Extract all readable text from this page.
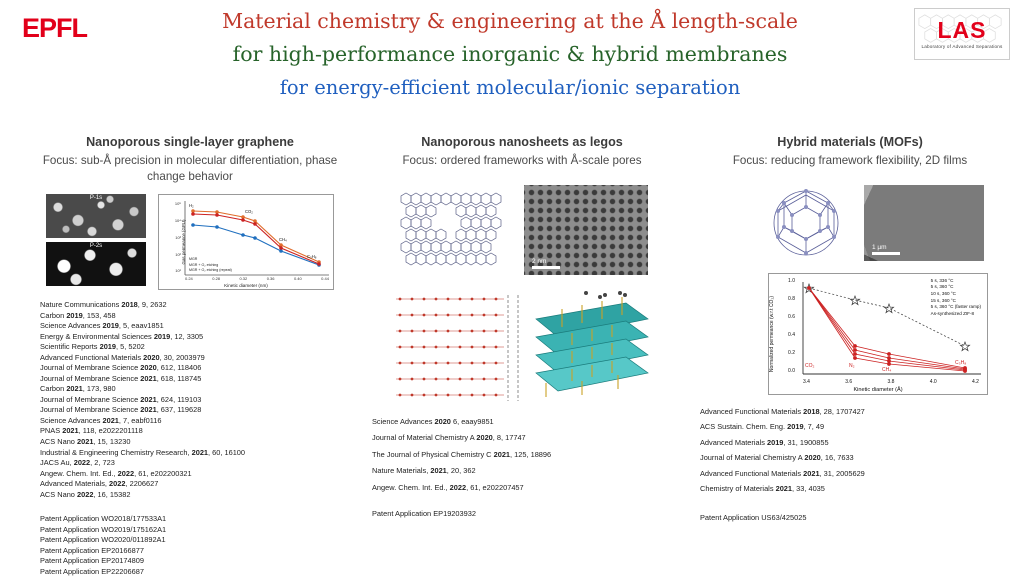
EPFL	LAS
Laboratory of Advanced Separations
Material chemistry & engineering at the Å length-scale
for high-performance inorganic & hybrid membranes
for energy-efficient molecular/ionic separation
Nanoporous single-layer graphene
Focus: sub-Å precision in molecular differentiation, phase change behavior
P-1s
P-2s
H₂
CO₂
CH₄
C₃H₈
10⁵
10⁴
10³
10²
10¹
0.24	0.28	0.32	0.36	0.40	0.44
MGR
MGR + O₂ etching
MGR + O₂ etching (repeat)
Gas permeance (GPU)
Kinetic diameter (nm)
Nature Communications 2018, 9, 2632
Carbon 2019, 153, 458
Science Advances 2019, 5, eaav1851
Energy & Environmental Sciences 2019, 12, 3305
Scientific Reports 2019, 5, 5202
Advanced Functional Materials 2020, 30, 2003979
Journal of Membrane Science 2020, 612, 118406
Journal of Membrane Science 2021, 618, 118745
Carbon 2021, 173, 980
Journal of Membrane Science 2021, 624, 119103
Journal of Membrane Science 2021, 637, 119628
Science Advances 2021, 7, eabf0116
PNAS 2021, 118, e2022201118
ACS Nano 2021, 15, 13230
Industrial & Engineering Chemistry Research, 2021, 60, 16100
JACS Au, 2022, 2, 723
Angew. Chem. Int. Ed., 2022, 61, e202200321
Advanced Materials, 2022, 2206627
ACS Nano 2022, 16, 15382
Patent Application WO2018/177533A1
Patent Application WO2019/175162A1
Patent Application WO2020/011892A1
Patent Application EP20166877
Patent Application EP20174809
Patent Application EP22206687
Nanoporous nanosheets as legos
Focus: ordered frameworks with Å-scale pores
2 nm
Science Advances 2020 6, eaay9851
Journal of Material Chemistry A 2020, 8, 17747
The Journal of Physical Chemistry C 2021, 125, 18896
Nature Materials, 2021, 20, 362
Angew. Chem. Int. Ed., 2022, 61, e202207457
Patent Application EP19203932
Hybrid materials (MOFs)
Focus: reducing framework flexibility, 2D films
1 µm
CO₂	N₂
CH₄
C₃H₈
1.0
0.8
0.6
0.4
0.2
0.0
3.4	3.6	3.8	4.0	4.2
5 s, 336 °C
5 s, 360 °C
10 s, 360 °C
15 s, 360 °C
5 s, 360 °C (faster ramp)
As-synthesized ZIF-8
Normalized permeance (w.r.t CO₂)
Kinetic diameter (Å)
Advanced Functional Materials 2018, 28, 1707427
ACS Sustain. Chem. Eng. 2019, 7, 49
Advanced Materials 2019, 31, 1900855
Journal of Material Chemistry A 2020, 16, 7633
Advanced Functional Materials 2021, 31, 2005629
Chemistry of Materials 2021, 33, 4035
Patent Application US63/425025
